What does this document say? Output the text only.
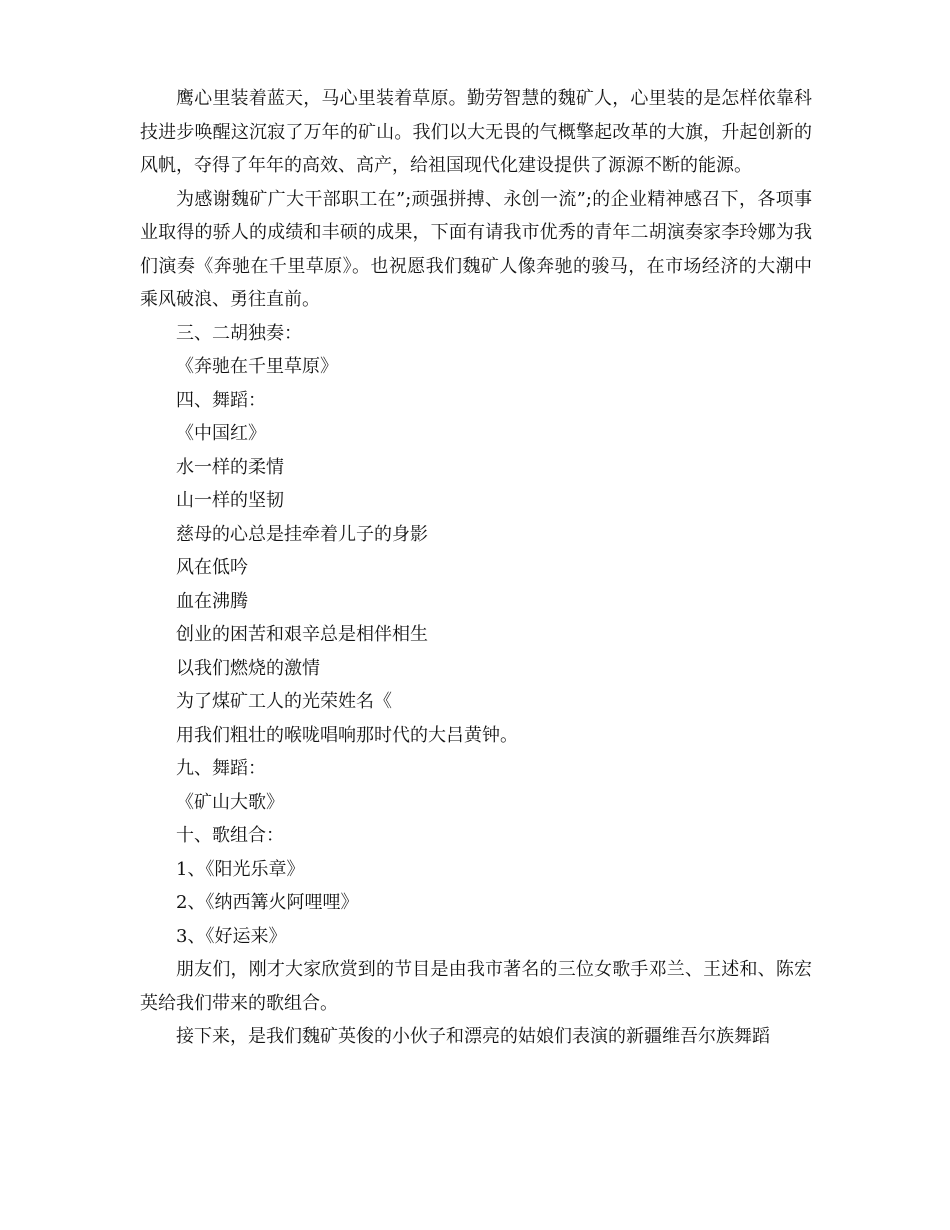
鹰心里装着蓝天，马心里装着草原。勤劳智慧的魏矿人，心里装的是怎样依靠科技进步唤醒这沉寂了万年的矿山。我们以大无畏的气概擎起改革的大旗，升起创新的风帆，夺得了年年的高效、高产，给祖国现代化建设提供了源源不断的能源。

为感谢魏矿广大干部职工在”;顽强拼搏、永创一流”;的企业精神感召下，各项事业取得的骄人的成绩和丰硕的成果，下面有请我市优秀的青年二胡演奏家李玲娜为我们演奏《奔驰在千里草原》。也祝愿我们魏矿人像奔驰的骏马，在市场经济的大潮中乘风破浪、勇往直前。

三、二胡独奏：
《奔驰在千里草原》
四、舞蹈：
《中国红》
水一样的柔情
山一样的坚韧
慈母的心总是挂牵着儿子的身影
风在低吟
血在沸腾
创业的困苦和艰辛总是相伴相生
以我们燃烧的激情
为了煤矿工人的光荣姓名《
用我们粗壮的喉咙唱响那时代的大吕黄钟。
九、舞蹈：
《矿山大歌》
十、歌组合：
1、《阳光乐章》
2、《纳西篝火阿哩哩》
3、《好运来》

朋友们，刚才大家欣赏到的节目是由我市著名的三位女歌手邓兰、王述和、陈宏英给我们带来的歌组合。

接下来，是我们魏矿英俊的小伙子和漂亮的姑娘们表演的新疆维吾尔族舞蹈
